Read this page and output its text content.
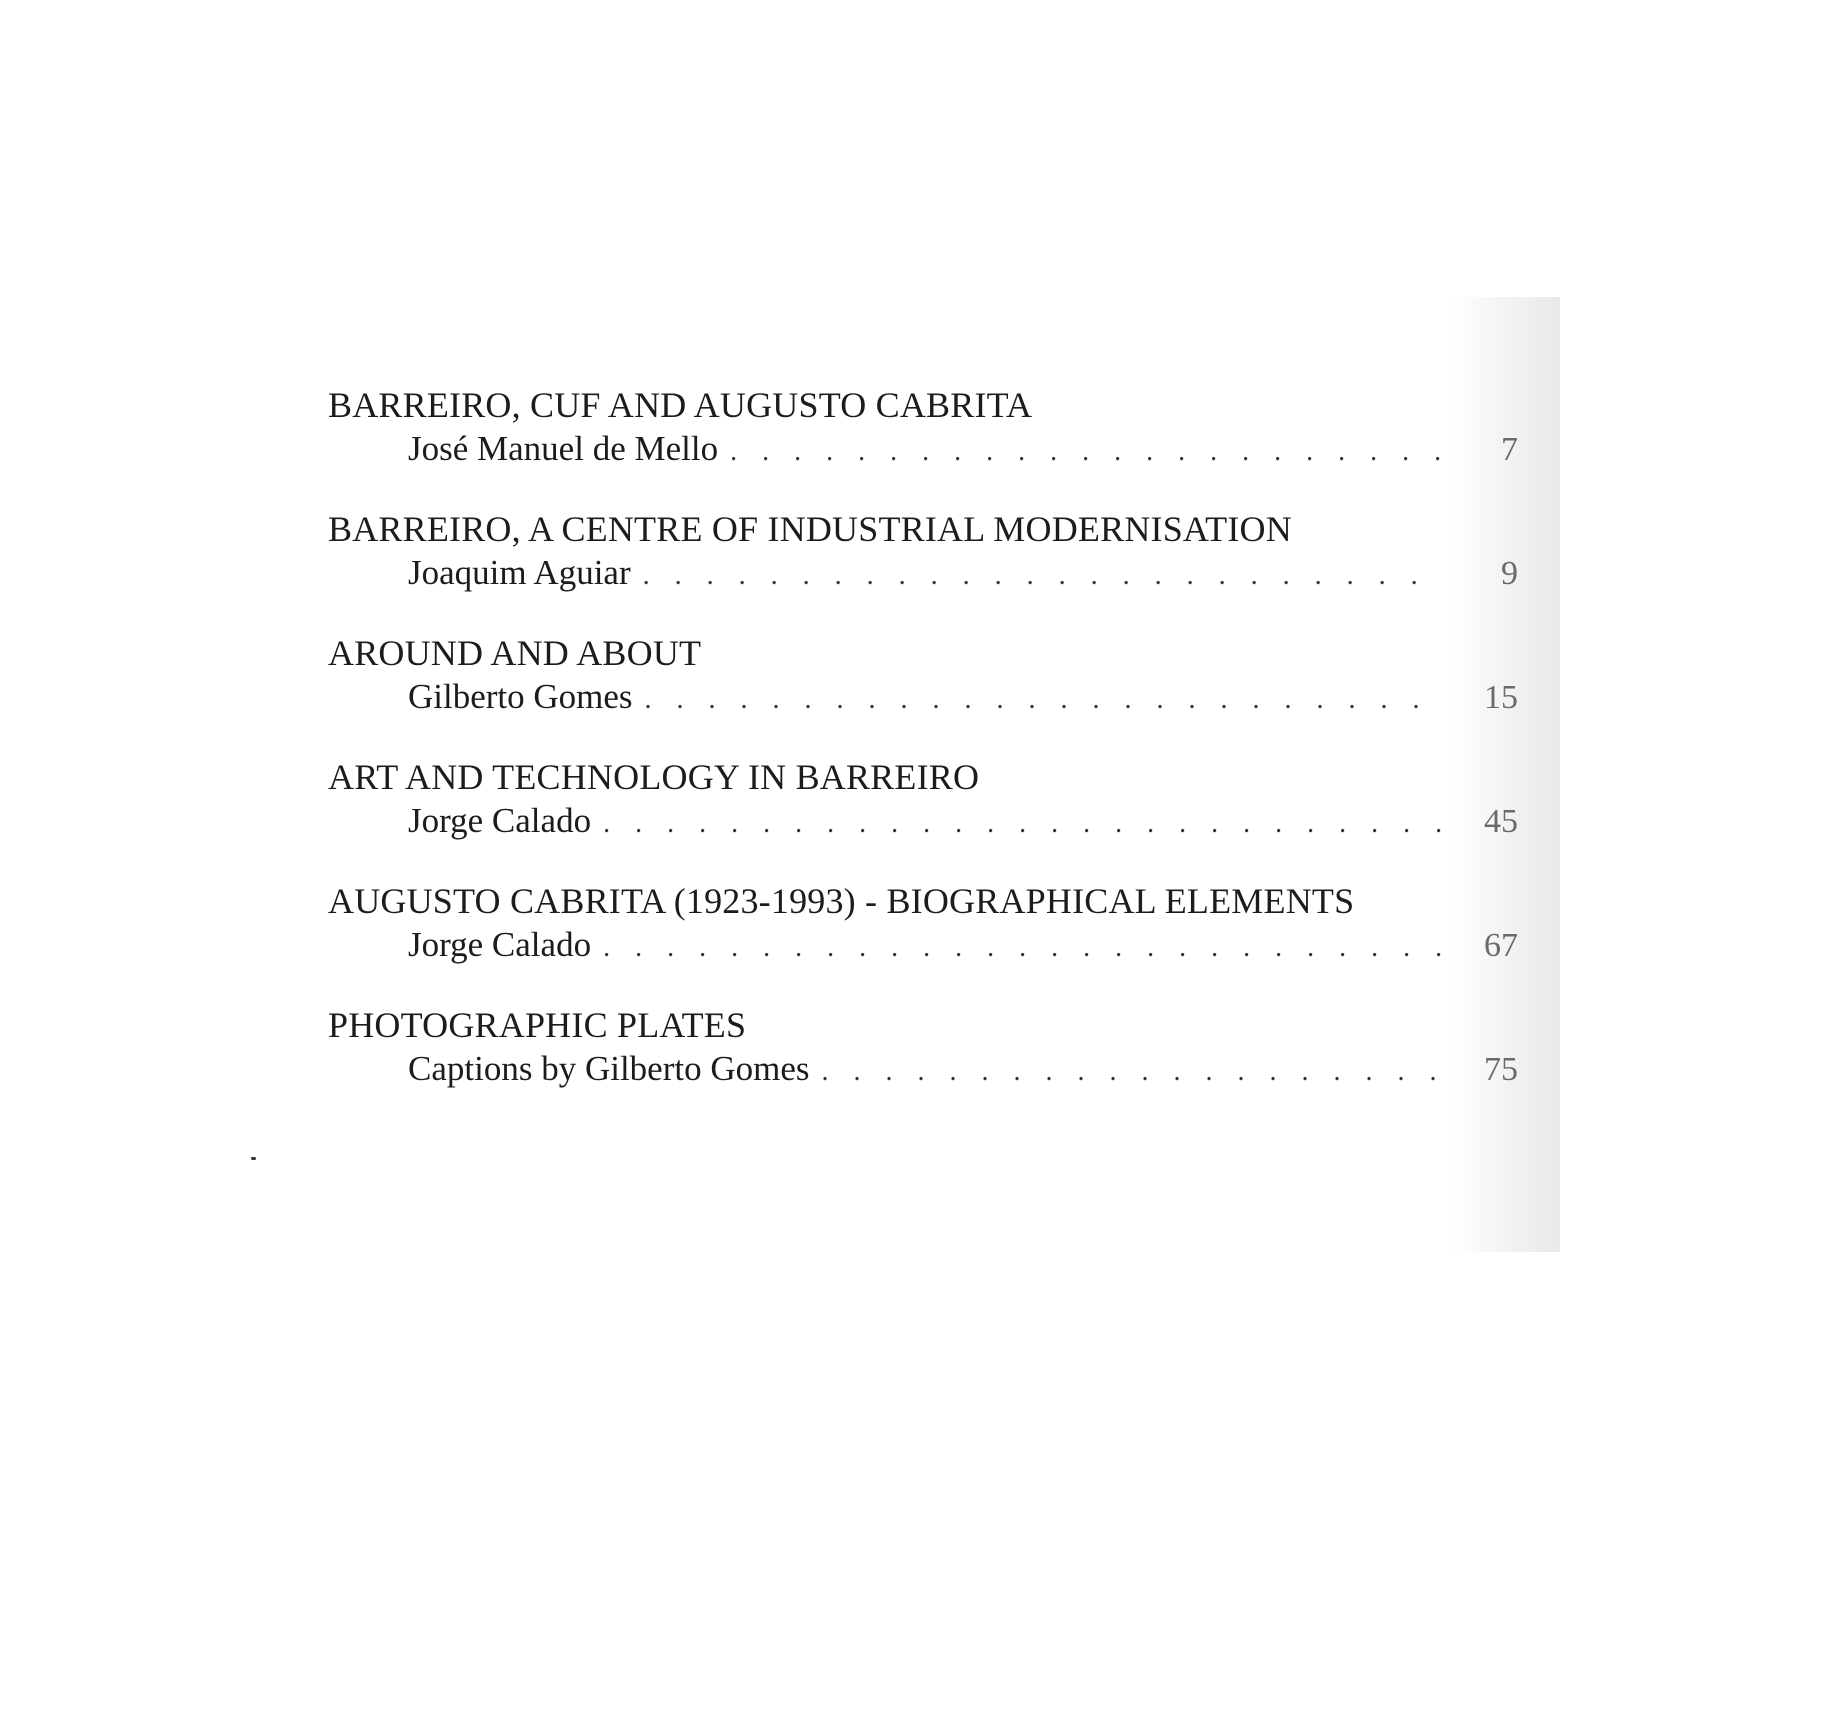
BARREIRO, CUF AND AUGUSTO CABRITA
José Manuel de Mello . . .	7
BARREIRO, A CENTRE OF INDUSTRIAL MODERNISATION
Joaquim Aguiar . . .	9
AROUND AND ABOUT
Gilberto Gomes . . .	15
ART AND TECHNOLOGY IN BARREIRO
Jorge Calado . . .	45
AUGUSTO CABRITA (1923-1993) - BIOGRAPHICAL ELEMENTS
Jorge Calado . . .	67
PHOTOGRAPHIC PLATES
Captions by Gilberto Gomes . . .	75
